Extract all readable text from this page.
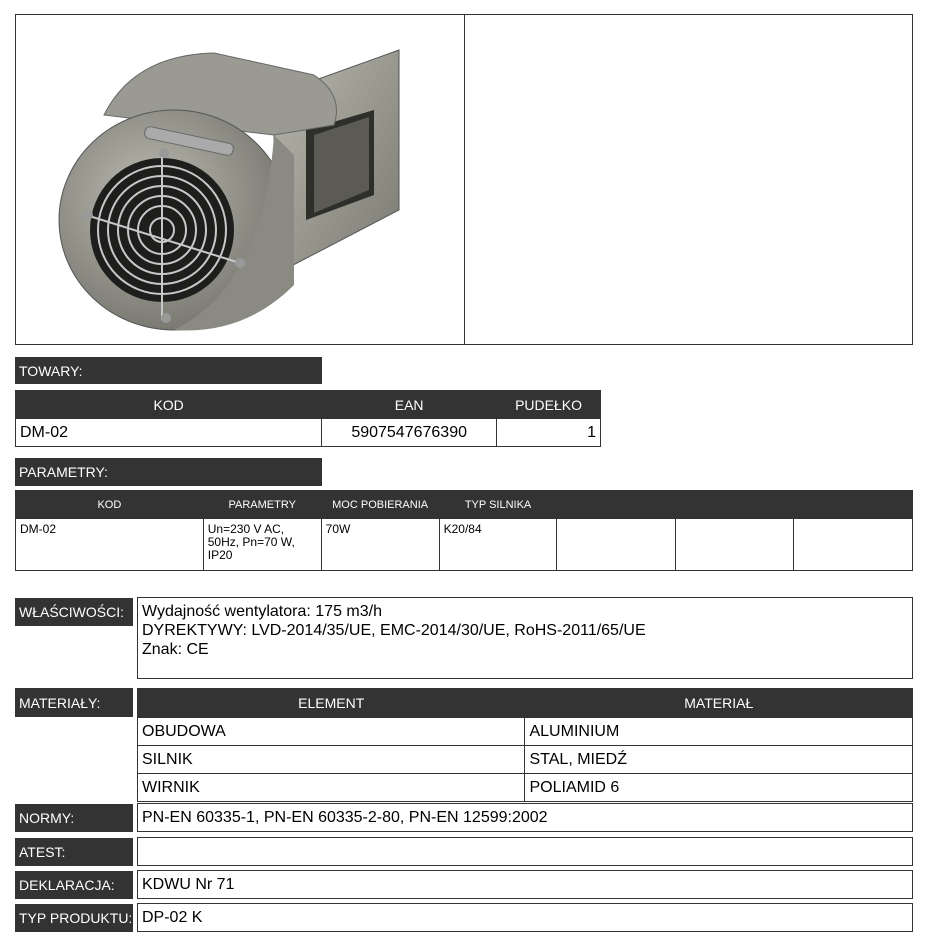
TOWARY:
KOD	EAN	PUDEŁKO
DM-02	5907547676390	1
PARAMETRY:
KOD	PARAMETRY	MOC POBIERANIA	TYP SILNIKA			
DM-02	Un=230 V AC, 50Hz, Pn=70 W, IP20	70W	K20/84			
WŁAŚCIWOŚCI:	Wydajność wentylatora: 175 m3/h
DYREKTYWY: LVD-2014/35/UE, EMC-2014/30/UE, RoHS-2011/65/UE
Znak: CE
MATERIAŁY:	ELEMENT	MATERIAŁ
OBUDOWA	ALUMINIUM
SILNIK	STAL, MIEDŹ
WIRNIK	POLIAMID 6
NORMY:	PN-EN 60335-1, PN-EN 60335-2-80, PN-EN 12599:2002
ATEST:
DEKLARACJA:	KDWU Nr 71
TYP PRODUKTU: DP-02 K
